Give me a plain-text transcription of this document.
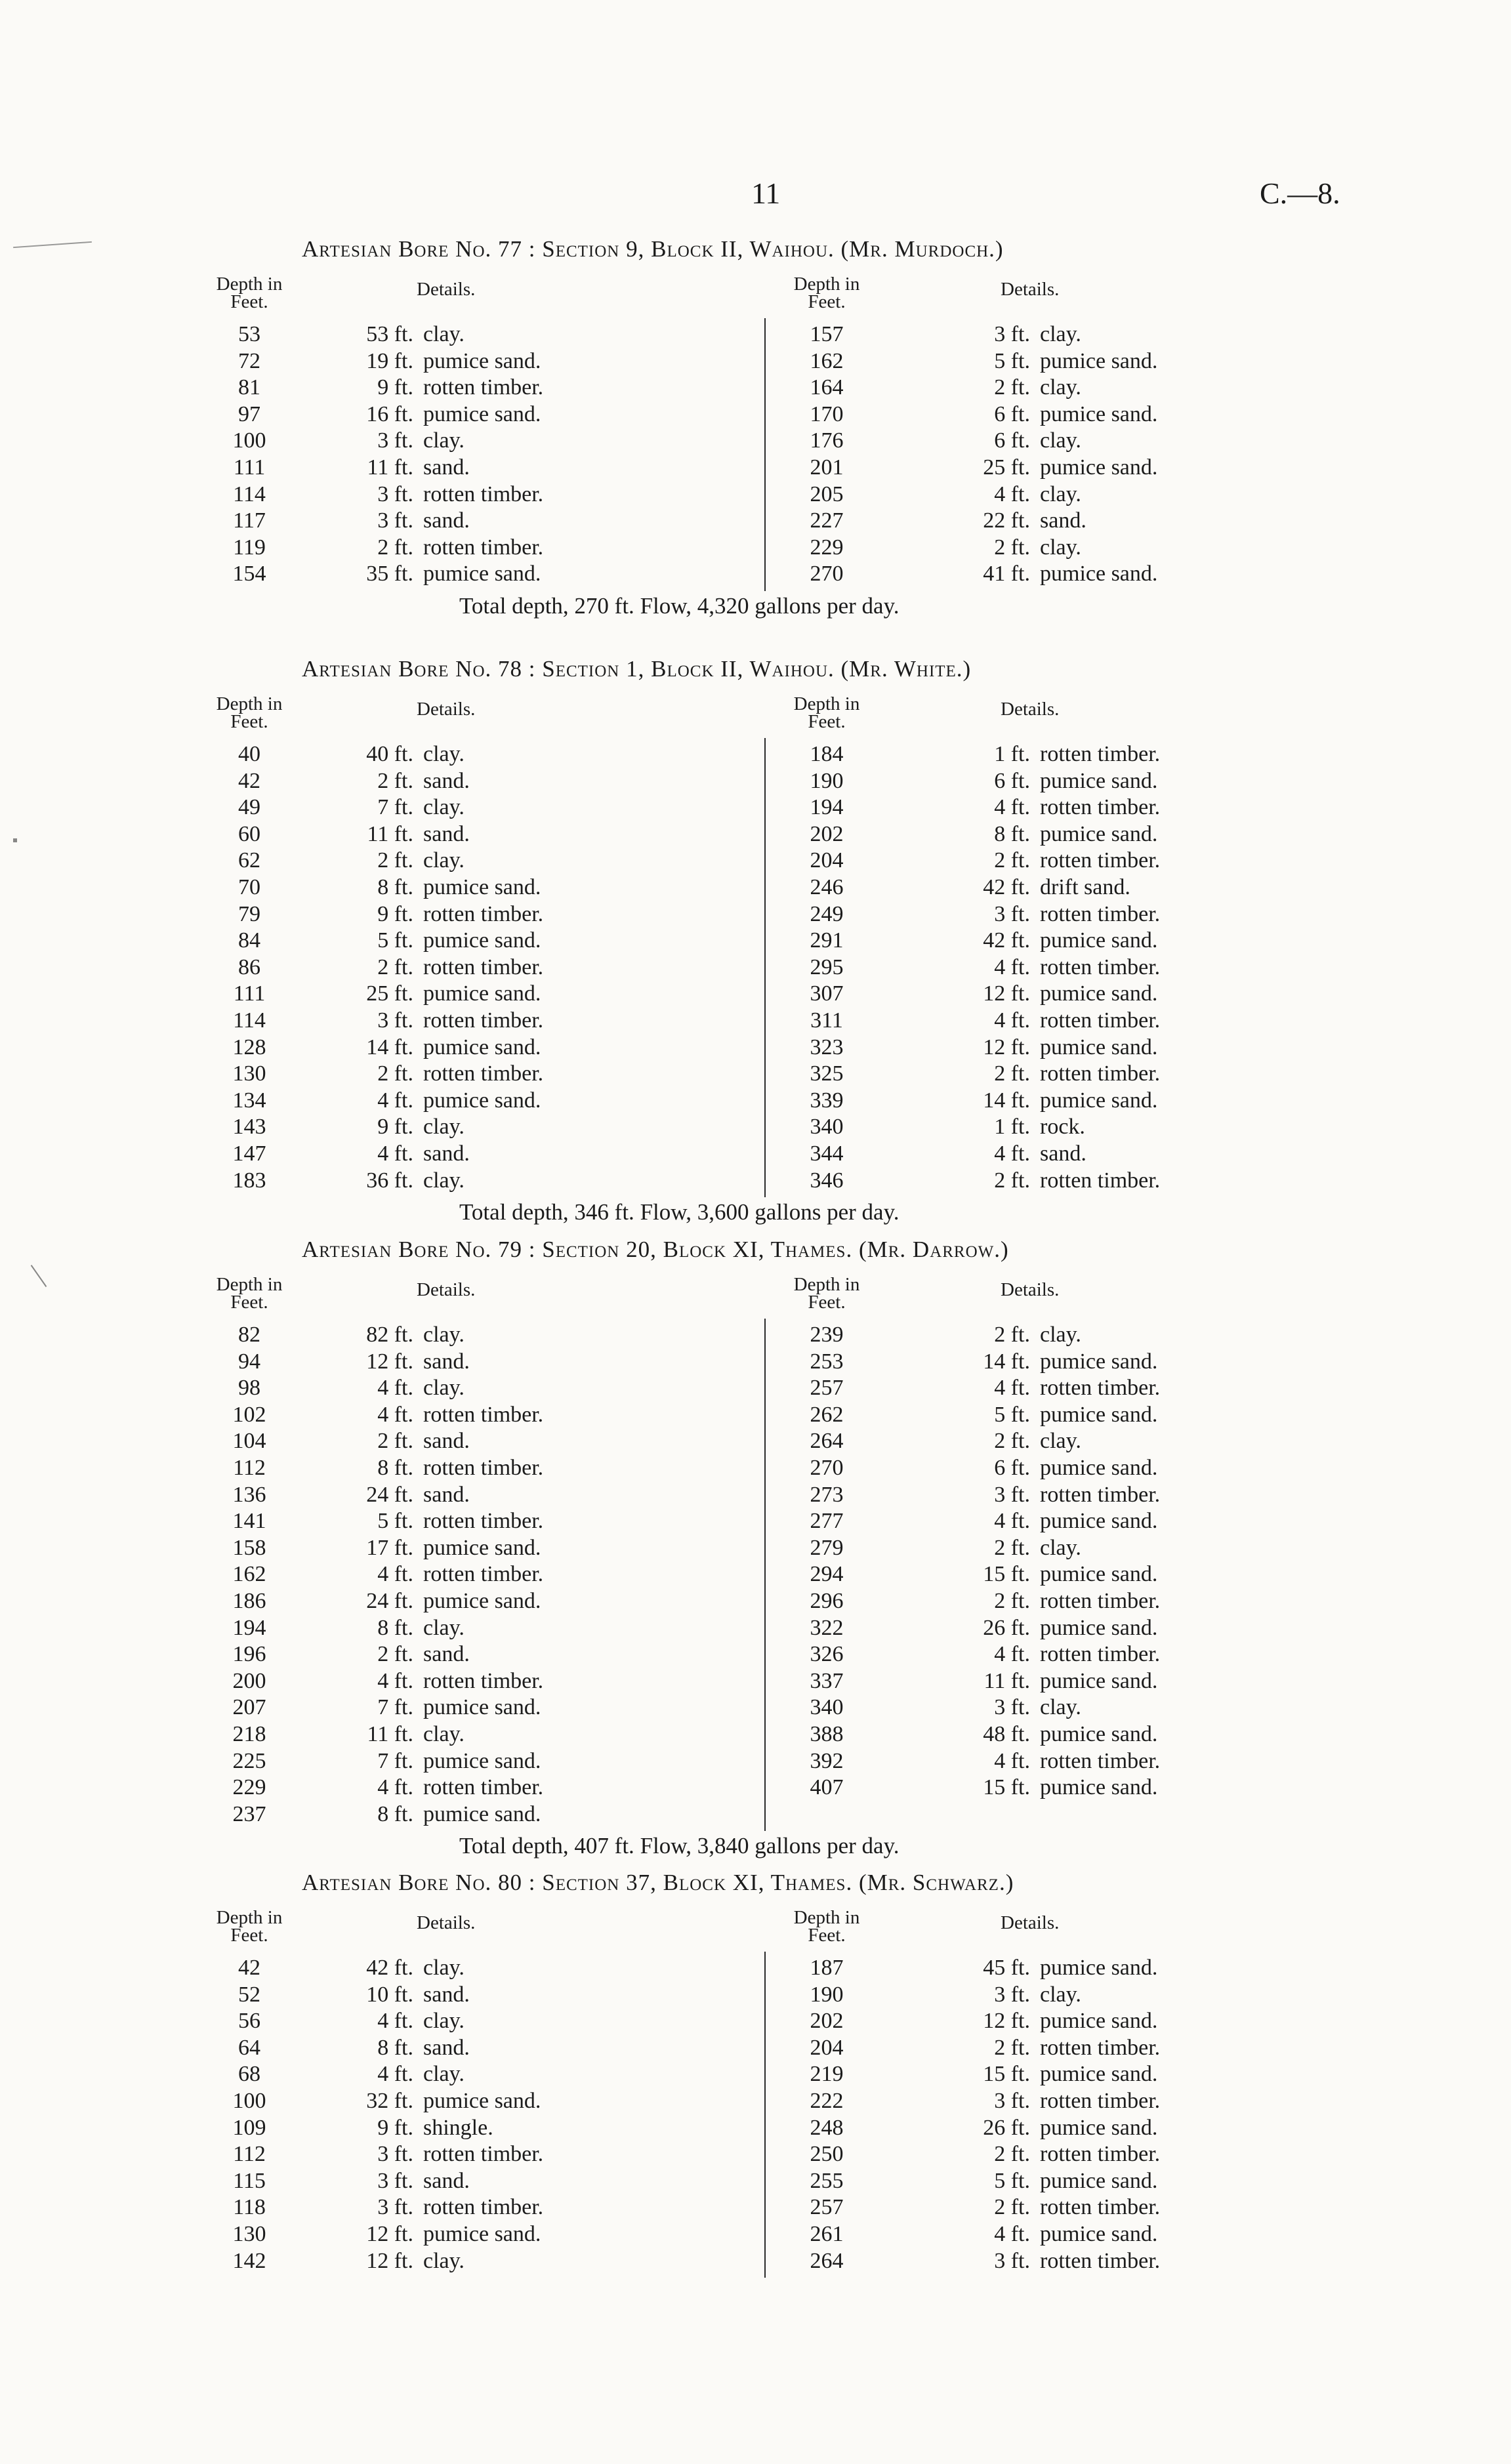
11	C.—8.
Artesian Bore No. 77 : Section 9, Block II, Waihou. (Mr. Murdoch.)
Depth in Feet.
Details.
53	53 ft. clay.
72	19 ft. pumice sand.
81	9 ft. rotten timber.
97	16 ft. pumice sand.
100	3 ft. clay.
111	11 ft. sand.
114	3 ft. rotten timber.
117	3 ft. sand.
119	2 ft. rotten timber.
154	35 ft. pumice sand.
Depth in Feet.
Details.
157	3 ft. clay.
162	5 ft. pumice sand.
164	2 ft. clay.
170	6 ft. pumice sand.
176	6 ft. clay.
201	25 ft. pumice sand.
205	4 ft. clay.
227	22 ft. sand.
229	2 ft. clay.
270	41 ft. pumice sand.
Total depth, 270 ft. Flow, 4,320 gallons per day.
Artesian Bore No. 78 : Section 1, Block II, Waihou. (Mr. White.)
Depth in Feet.
Details.
40	40 ft. clay.
42	2 ft. sand.
49	7 ft. clay.
60	11 ft. sand.
62	2 ft. clay.
70	8 ft. pumice sand.
79	9 ft. rotten timber.
84	5 ft. pumice sand.
86	2 ft. rotten timber.
111	25 ft. pumice sand.
114	3 ft. rotten timber.
128	14 ft. pumice sand.
130	2 ft. rotten timber.
134	4 ft. pumice sand.
143	9 ft. clay.
147	4 ft. sand.
183	36 ft. clay.
Depth in Feet.
Details.
184	1 ft. rotten timber.
190	6 ft. pumice sand.
194	4 ft. rotten timber.
202	8 ft. pumice sand.
204	2 ft. rotten timber.
246	42 ft. drift sand.
249	3 ft. rotten timber.
291	42 ft. pumice sand.
295	4 ft. rotten timber.
307	12 ft. pumice sand.
311	4 ft. rotten timber.
323	12 ft. pumice sand.
325	2 ft. rotten timber.
339	14 ft. pumice sand.
340	1 ft. rock.
344	4 ft. sand.
346	2 ft. rotten timber.
Total depth, 346 ft. Flow, 3,600 gallons per day.
Artesian Bore No. 79 : Section 20, Block XI, Thames. (Mr. Darrow.)
Depth in Feet.
Details.
82	82 ft. clay.
94	12 ft. sand.
98	4 ft. clay.
102	4 ft. rotten timber.
104	2 ft. sand.
112	8 ft. rotten timber.
136	24 ft. sand.
141	5 ft. rotten timber.
158	17 ft. pumice sand.
162	4 ft. rotten timber.
186	24 ft. pumice sand.
194	8 ft. clay.
196	2 ft. sand.
200	4 ft. rotten timber.
207	7 ft. pumice sand.
218	11 ft. clay.
225	7 ft. pumice sand.
229	4 ft. rotten timber.
237	8 ft. pumice sand.
Depth in Feet.
Details.
239	2 ft. clay.
253	14 ft. pumice sand.
257	4 ft. rotten timber.
262	5 ft. pumice sand.
264	2 ft. clay.
270	6 ft. pumice sand.
273	3 ft. rotten timber.
277	4 ft. pumice sand.
279	2 ft. clay.
294	15 ft. pumice sand.
296	2 ft. rotten timber.
322	26 ft. pumice sand.
326	4 ft. rotten timber.
337	11 ft. pumice sand.
340	3 ft. clay.
388	48 ft. pumice sand.
392	4 ft. rotten timber.
407	15 ft. pumice sand.
Total depth, 407 ft. Flow, 3,840 gallons per day.
Artesian Bore No. 80 : Section 37, Block XI, Thames. (Mr. Schwarz.)
Depth in Feet.
Details.
42	42 ft. clay.
52	10 ft. sand.
56	4 ft. clay.
64	8 ft. sand.
68	4 ft. clay.
100	32 ft. pumice sand.
109	9 ft. shingle.
112	3 ft. rotten timber.
115	3 ft. sand.
118	3 ft. rotten timber.
130	12 ft. pumice sand.
142	12 ft. clay.
Depth in Feet.
Details.
187	45 ft. pumice sand.
190	3 ft. clay.
202	12 ft. pumice sand.
204	2 ft. rotten timber.
219	15 ft. pumice sand.
222	3 ft. rotten timber.
248	26 ft. pumice sand.
250	2 ft. rotten timber.
255	5 ft. pumice sand.
257	2 ft. rotten timber.
261	4 ft. pumice sand.
264	3 ft. rotten timber.
